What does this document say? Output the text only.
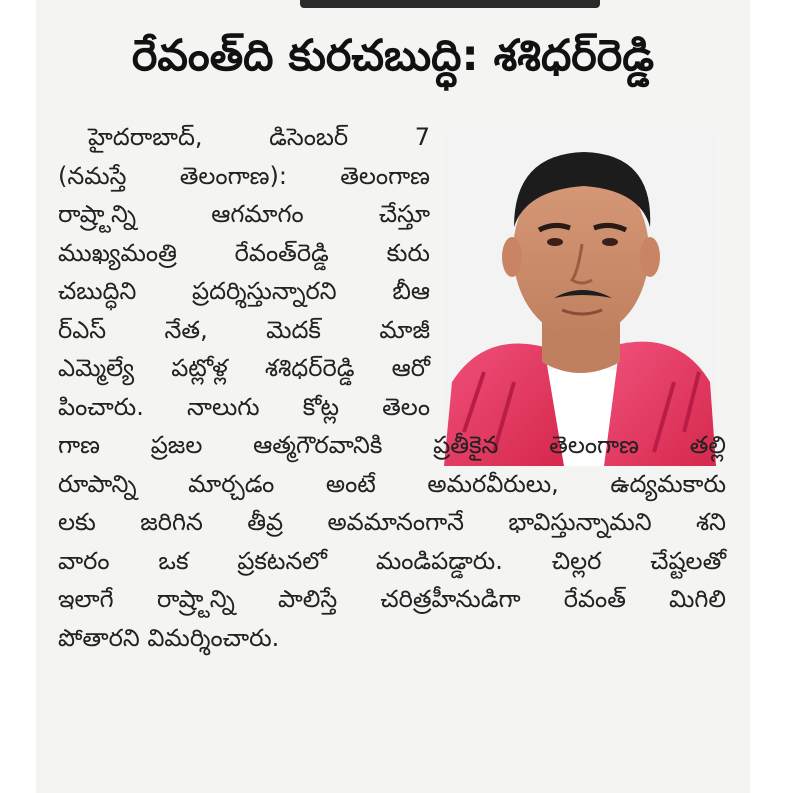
రేవంత్‌ది కురచబుద్ధి: శశిధర్‌రెడ్డి
హైదరాబాద్‌, డిసెంబర్‌ 7
(నమస్తే తెలంగాణ): తెలంగాణ
రాష్ర్టాన్ని ఆగమాగం చేస్తూ
ముఖ్యమంత్రి రేవంత్‌రెడ్డి కురు
చబుద్ధిని ప్రదర్శిస్తున్నారని బీఆ
ర్‌ఎస్‌ నేత, మెదక్‌ మాజీ
ఎమ్మెల్యే పట్లోళ్ల శశిధర్‌రెడ్డి ఆరో
పించారు. నాలుగు కోట్ల తెలం
గాణ ప్రజల ఆత్మగౌరవానికి ప్రతీకైన తెలంగాణ తల్లి
రూపాన్ని మార్చడం అంటే అమరవీరులు, ఉద్యమకారు
లకు జరిగిన తీవ్ర అవమానంగానే భావిస్తున్నామని శని
వారం ఒక ప్రకటనలో మండిపడ్డారు. చిల్లర చేష్టలతో
ఇలాగే రాష్ర్టాన్ని పాలిస్తే చరిత్రహీనుడిగా రేవంత్‌ మిగిలి
పోతారని విమర్శించారు.
